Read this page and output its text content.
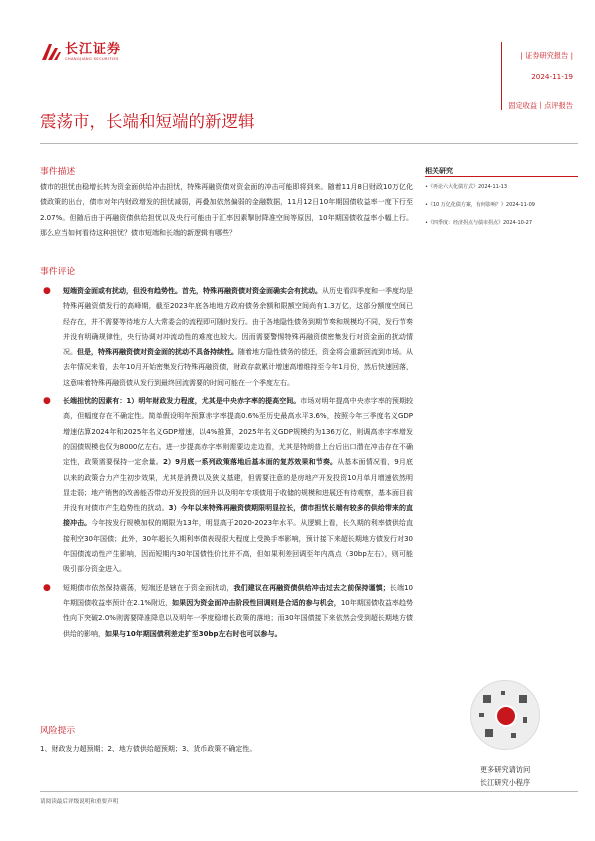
长江证券
CHANGJIANG SECURITIES	| 证券研究报告 |
2024-11-19
固定收益丨点评报告
震荡市，长端和短端的新逻辑
事件描述
债市的担忧由稳增长转为资金面供给冲击担忧，特殊再融资债对资金面的冲击可能即将到来。随着11月8日财政10万亿化债政策的出台，债市对年内财政增发的担忧减弱，再叠加依然偏弱的金融数据，11月12日10年期国债收益率一度下行至2.07%。但随后由于再融资债供给担忧以及央行可能由于汇率因素掣肘降准空间等原因，10年期国债收益率小幅上行。那么应当如何看待这种担忧？债市短端和长端的新逻辑有哪些？
事件评论
● 短端资金面或有扰动，但没有趋势性。首先，特殊再融资债对资金面确实会有扰动。从历史看四季度和一季度均是特殊再融资债发行的高峰期，截至2023年底各地地方政府债务余额和限额空间尚有1.3万亿，这部分额度空间已经存在，并不需要等待地方人大常委会的流程即可随时发行。由于各地隐性债务到期节奏和规模均不同，发行节奏并没有明确规律性，央行协调对冲流动性的难度也较大。因而需要警惕特殊再融资债密集发行对资金面的扰动情况。但是，特殊再融资债对资金面的扰动不具备持续性。随着地方隐性债务的偿还，资金将会重新回流到市场。从去年情况来看，去年10月开始密集发行特殊再融资债，财政存款累计增速高增维持至今年1月份，然后快速回落，这意味着特殊再融资债从发行到最终回流需要的时间可能在一个季度左右。
● 长端担忧的因素有：1）明年财政发力程度，尤其是中央赤字率的提高空间。市场对明年提高中央赤字率的预期较高，但幅度存在不确定性。简单假设明年预算赤字率提高0.6%至历史最高水平3.6%，按照今年三季度名义GDP增速估算2024年和2025年名义GDP增速，以4%推算，2025年名义GDP规模约为136万亿，则调高赤字率增发的国债规模也仅为8000亿左右。进一步提高赤字率则需要边走边看，尤其是特朗普上台后出口潜在冲击存在不确定性，政策需要保持一定余量。2）9月底一系列政策落地后基本面的复苏效果和节奏。从基本面情况看，9月底以来的政策合力产生初步效果，尤其是消费以及狭义基建，但需要注意的是房地产开发投资10月单月增速依然明显走弱；地产销售的改善能否带动开发投资的回升以及明年专项债用于收储的规模和进展还有待观察，基本面目前并没有对债市产生趋势性的扰动。3）今年以来特殊再融资债期限明显拉长，债市担忧长端有较多的供给带来的直接冲击。今年按发行规模加权的期限为13年，明显高于2020-2023年水平。从逻辑上看，长久期的利率债供给直接利空30年国债；此外，30年超长久期利率债表现很大程度上受换手率影响，预计接下来超长期地方债发行对30年国债流动性产生影响，因而短期内30年国债性价比并不高，但如果利差回调至年内高点（30bp左右），则可能吸引部分资金进入。
● 短期债市依然保持震荡，短端还是辖在于资金面扰动，我们建议在再融资债供给冲击过去之前保持谨慎；长端10年期国债收益率预计在2.1%附近，如果因为资金面冲击阶段性回调则是合适的参与机会，10年期国债收益率趋势性向下突破2.0%则需要降准降息以及明年一季度稳增长政策的落地；而30年国债接下来依然会受到超长期地方债供给的影响，如果与10年期国债利差走扩至30bp左右时也可以参与。
风险提示
1、财政发力超预期；2、地方债供给超预期；3、货币政策不确定性。
相关研究
•《再论六大化债方式》2024-11-13
•《10 万亿化债方案，有何影响？》2024-11-09
•《四季度：经济拐点与债市拐点》2024-10-27
更多研究请访问
长江研究小程序
请阅读最后评级说明和重要声明
